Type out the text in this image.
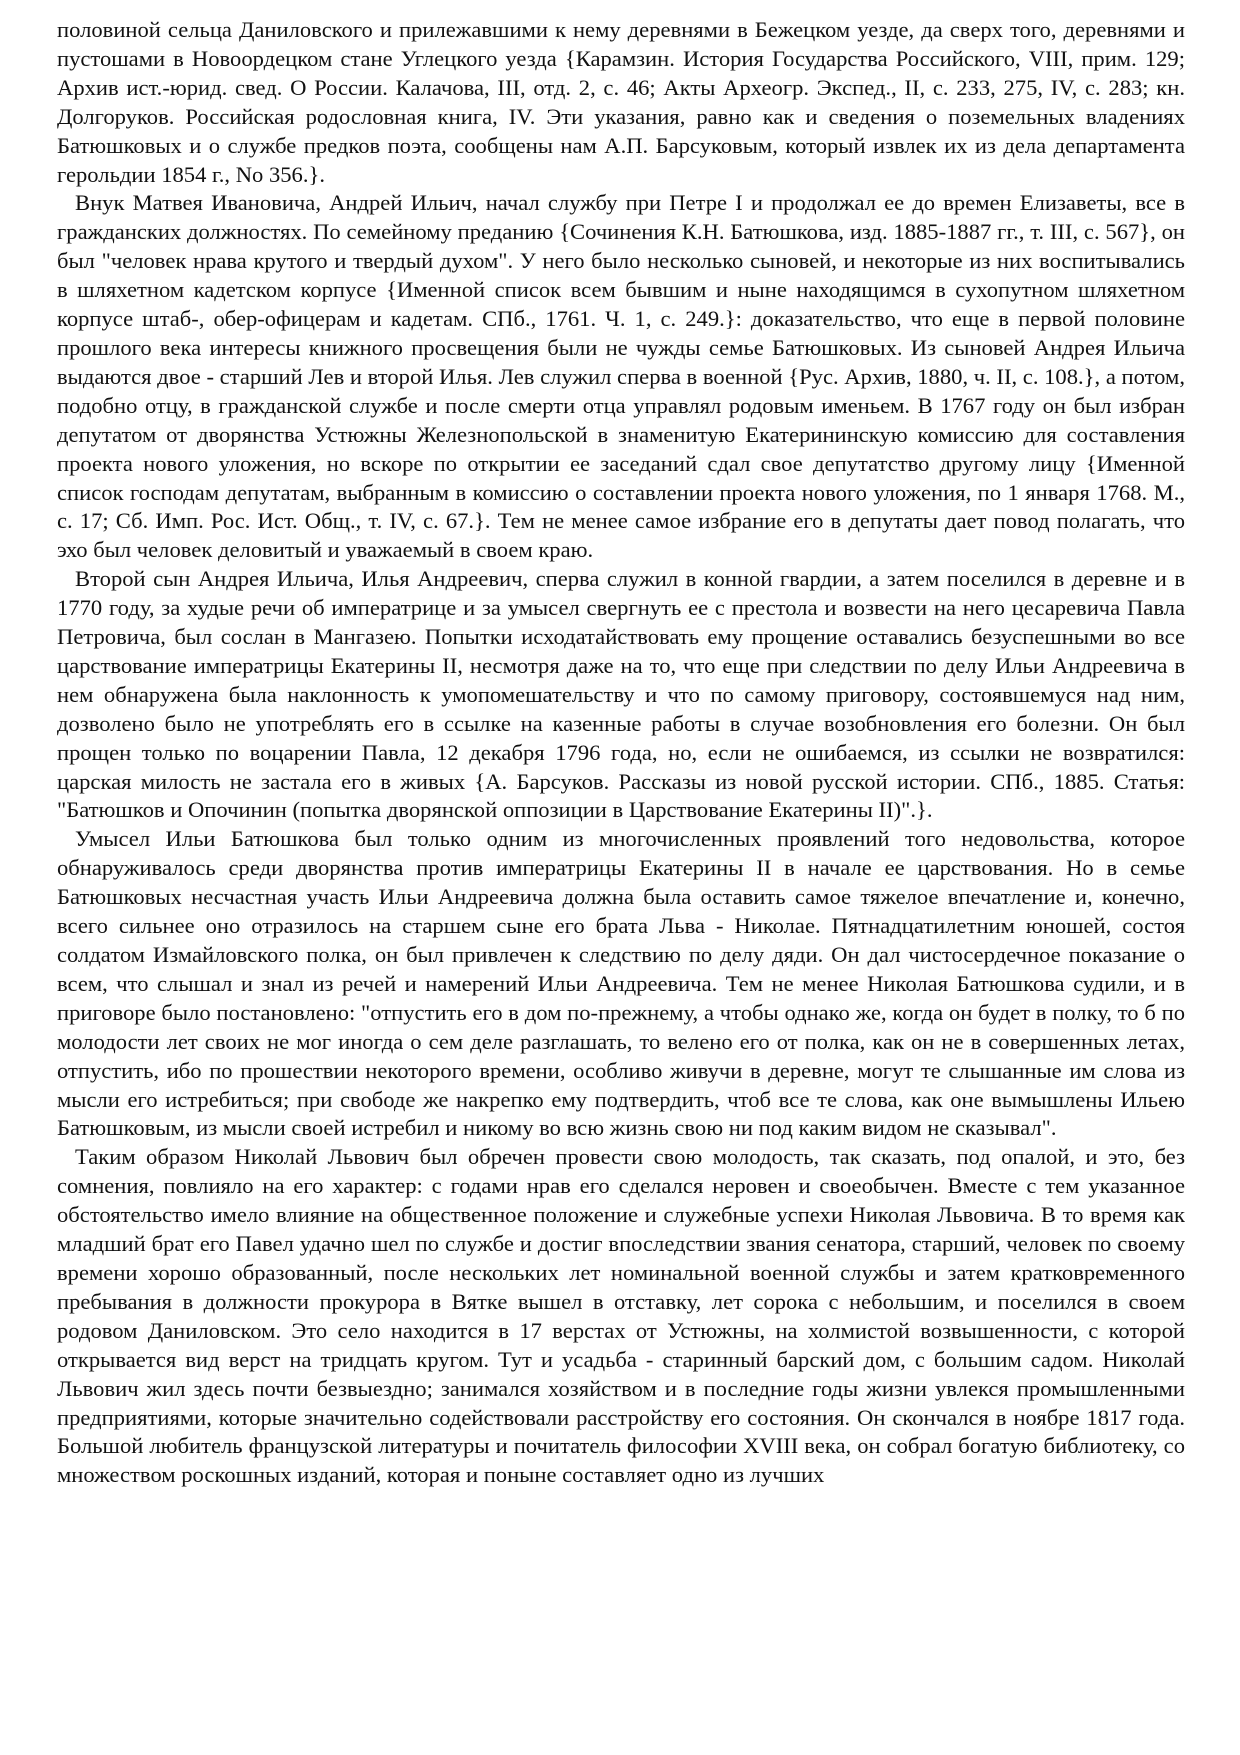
половиной сельца Даниловского и прилежавшими к нему деревнями в Бежецком уезде, да сверх того, деревнями и пустошами в Новоордецком стане Углецкого уезда {Карамзин. История Государства Российского, VIII, прим. 129; Архив ист.-юрид. свед. О России. Калачова, III, отд. 2, с. 46; Акты Археогр. Экспед., II, с. 233, 275, IV, с. 283; кн. Долгоруков. Российская родословная книга, IV. Эти указания, равно как и сведения о поземельных владениях Батюшковых и о службе предков поэта, сообщены нам А.П. Барсуковым, который извлек их из дела департамента герольдии 1854 г., No 356.}.

Внук Матвея Ивановича, Андрей Ильич, начал службу при Петре I и продолжал ее до времен Елизаветы, все в гражданских должностях. По семейному преданию {Сочинения К.Н. Батюшкова, изд. 1885-1887 гг., т. III, с. 567}, он был "человек нрава крутого и твердый духом". У него было несколько сыновей, и некоторые из них воспитывались в шляхетном кадетском корпусе {Именной список всем бывшим и ныне находящимся в сухопутном шляхетном корпусе штаб-, обер-офицерам и кадетам. СПб., 1761. Ч. 1, с. 249.}: доказательство, что еще в первой половине прошлого века интересы книжного просвещения были не чужды семье Батюшковых. Из сыновей Андрея Ильича выдаются двое - старший Лев и второй Илья. Лев служил сперва в военной {Рус. Архив, 1880, ч. II, с. 108.}, а потом, подобно отцу, в гражданской службе и после смерти отца управлял родовым именьем. В 1767 году он был избран депутатом от дворянства Устюжны Железнопольской в знаменитую Екатерининскую комиссию для составления проекта нового уложения, но вскоре по открытии ее заседаний сдал свое депутатство другому лицу {Именной список господам депутатам, выбранным в комиссию о составлении проекта нового уложения, по 1 января 1768. М., с. 17; Сб. Имп. Рос. Ист. Общ., т. IV, с. 67.}. Тем не менее самое избрание его в депутаты дает повод полагать, что эхо был человек деловитый и уважаемый в своем краю.

Второй сын Андрея Ильича, Илья Андреевич, сперва служил в конной гвардии, а затем поселился в деревне и в 1770 году, за худые речи об императрице и за умысел свергнуть ее с престола и возвести на него цесаревича Павла Петровича, был сослан в Мангазею. Попытки исходатайствовать ему прощение оставались безуспешными во все царствование императрицы Екатерины II, несмотря даже на то, что еще при следствии по делу Ильи Андреевича в нем обнаружена была наклонность к умопомешательству и что по самому приговору, состоявшемуся над ним, дозволено было не употреблять его в ссылке на казенные работы в случае возобновления его болезни. Он был прощен только по воцарении Павла, 12 декабря 1796 года, но, если не ошибаемся, из ссылки не возвратился: царская милость не застала его в живых {А. Барсуков. Рассказы из новой русской истории. СПб., 1885. Статья: "Батюшков и Опочинин (попытка дворянской оппозиции в Царствование Екатерины II)".}.

Умысел Ильи Батюшкова был только одним из многочисленных проявлений того недовольства, которое обнаруживалось среди дворянства против императрицы Екатерины II в начале ее царствования. Но в семье Батюшковых несчастная участь Ильи Андреевича должна была оставить самое тяжелое впечатление и, конечно, всего сильнее оно отразилось на старшем сыне его брата Льва - Николае. Пятнадцатилетним юношей, состоя солдатом Измайловского полка, он был привлечен к следствию по делу дяди. Он дал чистосердечное показание о всем, что слышал и знал из речей и намерений Ильи Андреевича. Тем не менее Николая Батюшкова судили, и в приговоре было постановлено: "отпустить его в дом по-прежнему, а чтобы однако же, когда он будет в полку, то б по молодости лет своих не мог иногда о сем деле разглашать, то велено его от полка, как он не в совершенных летах, отпустить, ибо по прошествии некоторого времени, особливо живучи в деревне, могут те слышанные им слова из мысли его истребиться; при свободе же накрепко ему подтвердить, чтоб все те слова, как оне вымышлены Ильею Батюшковым, из мысли своей истребил и никому во всю жизнь свою ни под каким видом не сказывал".

Таким образом Николай Львович был обречен провести свою молодость, так сказать, под опалой, и это, без сомнения, повлияло на его характер: с годами нрав его сделался неровен и своеобычен. Вместе с тем указанное обстоятельство имело влияние на общественное положение и служебные успехи Николая Львовича. В то время как младший брат его Павел удачно шел по службе и достиг впоследствии звания сенатора, старший, человек по своему времени хорошо образованный, после нескольких лет номинальной военной службы и затем кратковременного пребывания в должности прокурора в Вятке вышел в отставку, лет сорока с небольшим, и поселился в своем родовом Даниловском. Это село находится в 17 верстах от Устюжны, на холмистой возвышенности, с которой открывается вид верст на тридцать кругом. Тут и усадьба - старинный барский дом, с большим садом. Николай Львович жил здесь почти безвыездно; занимался хозяйством и в последние годы жизни увлекся промышленными предприятиями, которые значительно содействовали расстройству его состояния. Он скончался в ноябре 1817 года. Большой любитель французской литературы и почитатель философии XVIII века, он собрал богатую библиотеку, со множеством роскошных изданий, которая и поныне составляет одно из лучших
